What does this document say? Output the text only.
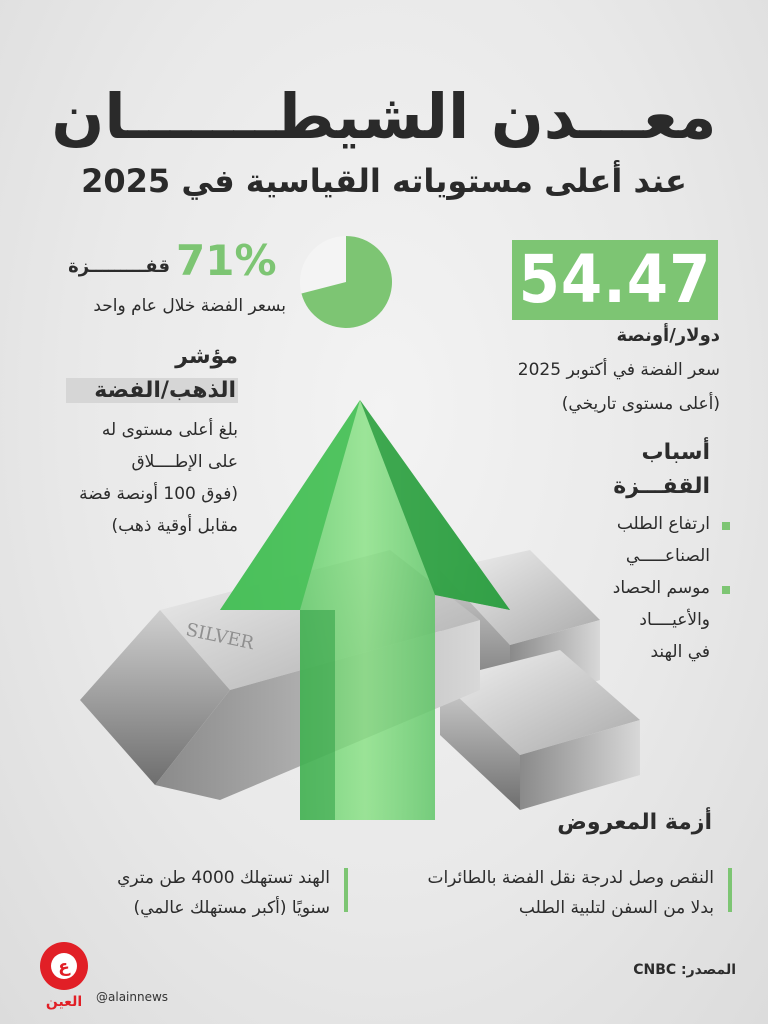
معـــدن الشيطـــــــان
عند أعلى مستوياته القياسية في 2025
SILVER
54.47
دولار/أونصة
سعر الفضة في أكتوبر 2025
(أعلى مستوى تاريخي)
71%
قفـــــــــزة
بسعر الفضة خلال عام واحد
مؤشر
الذهب/الفضة
بلغ أعلى مستوى له
على الإطــــلاق
(فوق 100 أونصة فضة
مقابل أوقية ذهب)
أسباب
القفـــزة
ارتفاع الطلب
الصناعـــــي
موسم الحصاد
والأعيــــاد
في الهند
أزمة المعروض
النقص وصل لدرجة نقل الفضة بالطائرات
بدلا من السفن لتلبية الطلب
الهند تستهلك 4000 طن متري
سنويًا (أكبر مستهلك عالمي)
المصدر: CNBC
@alainnews
ع
العين
